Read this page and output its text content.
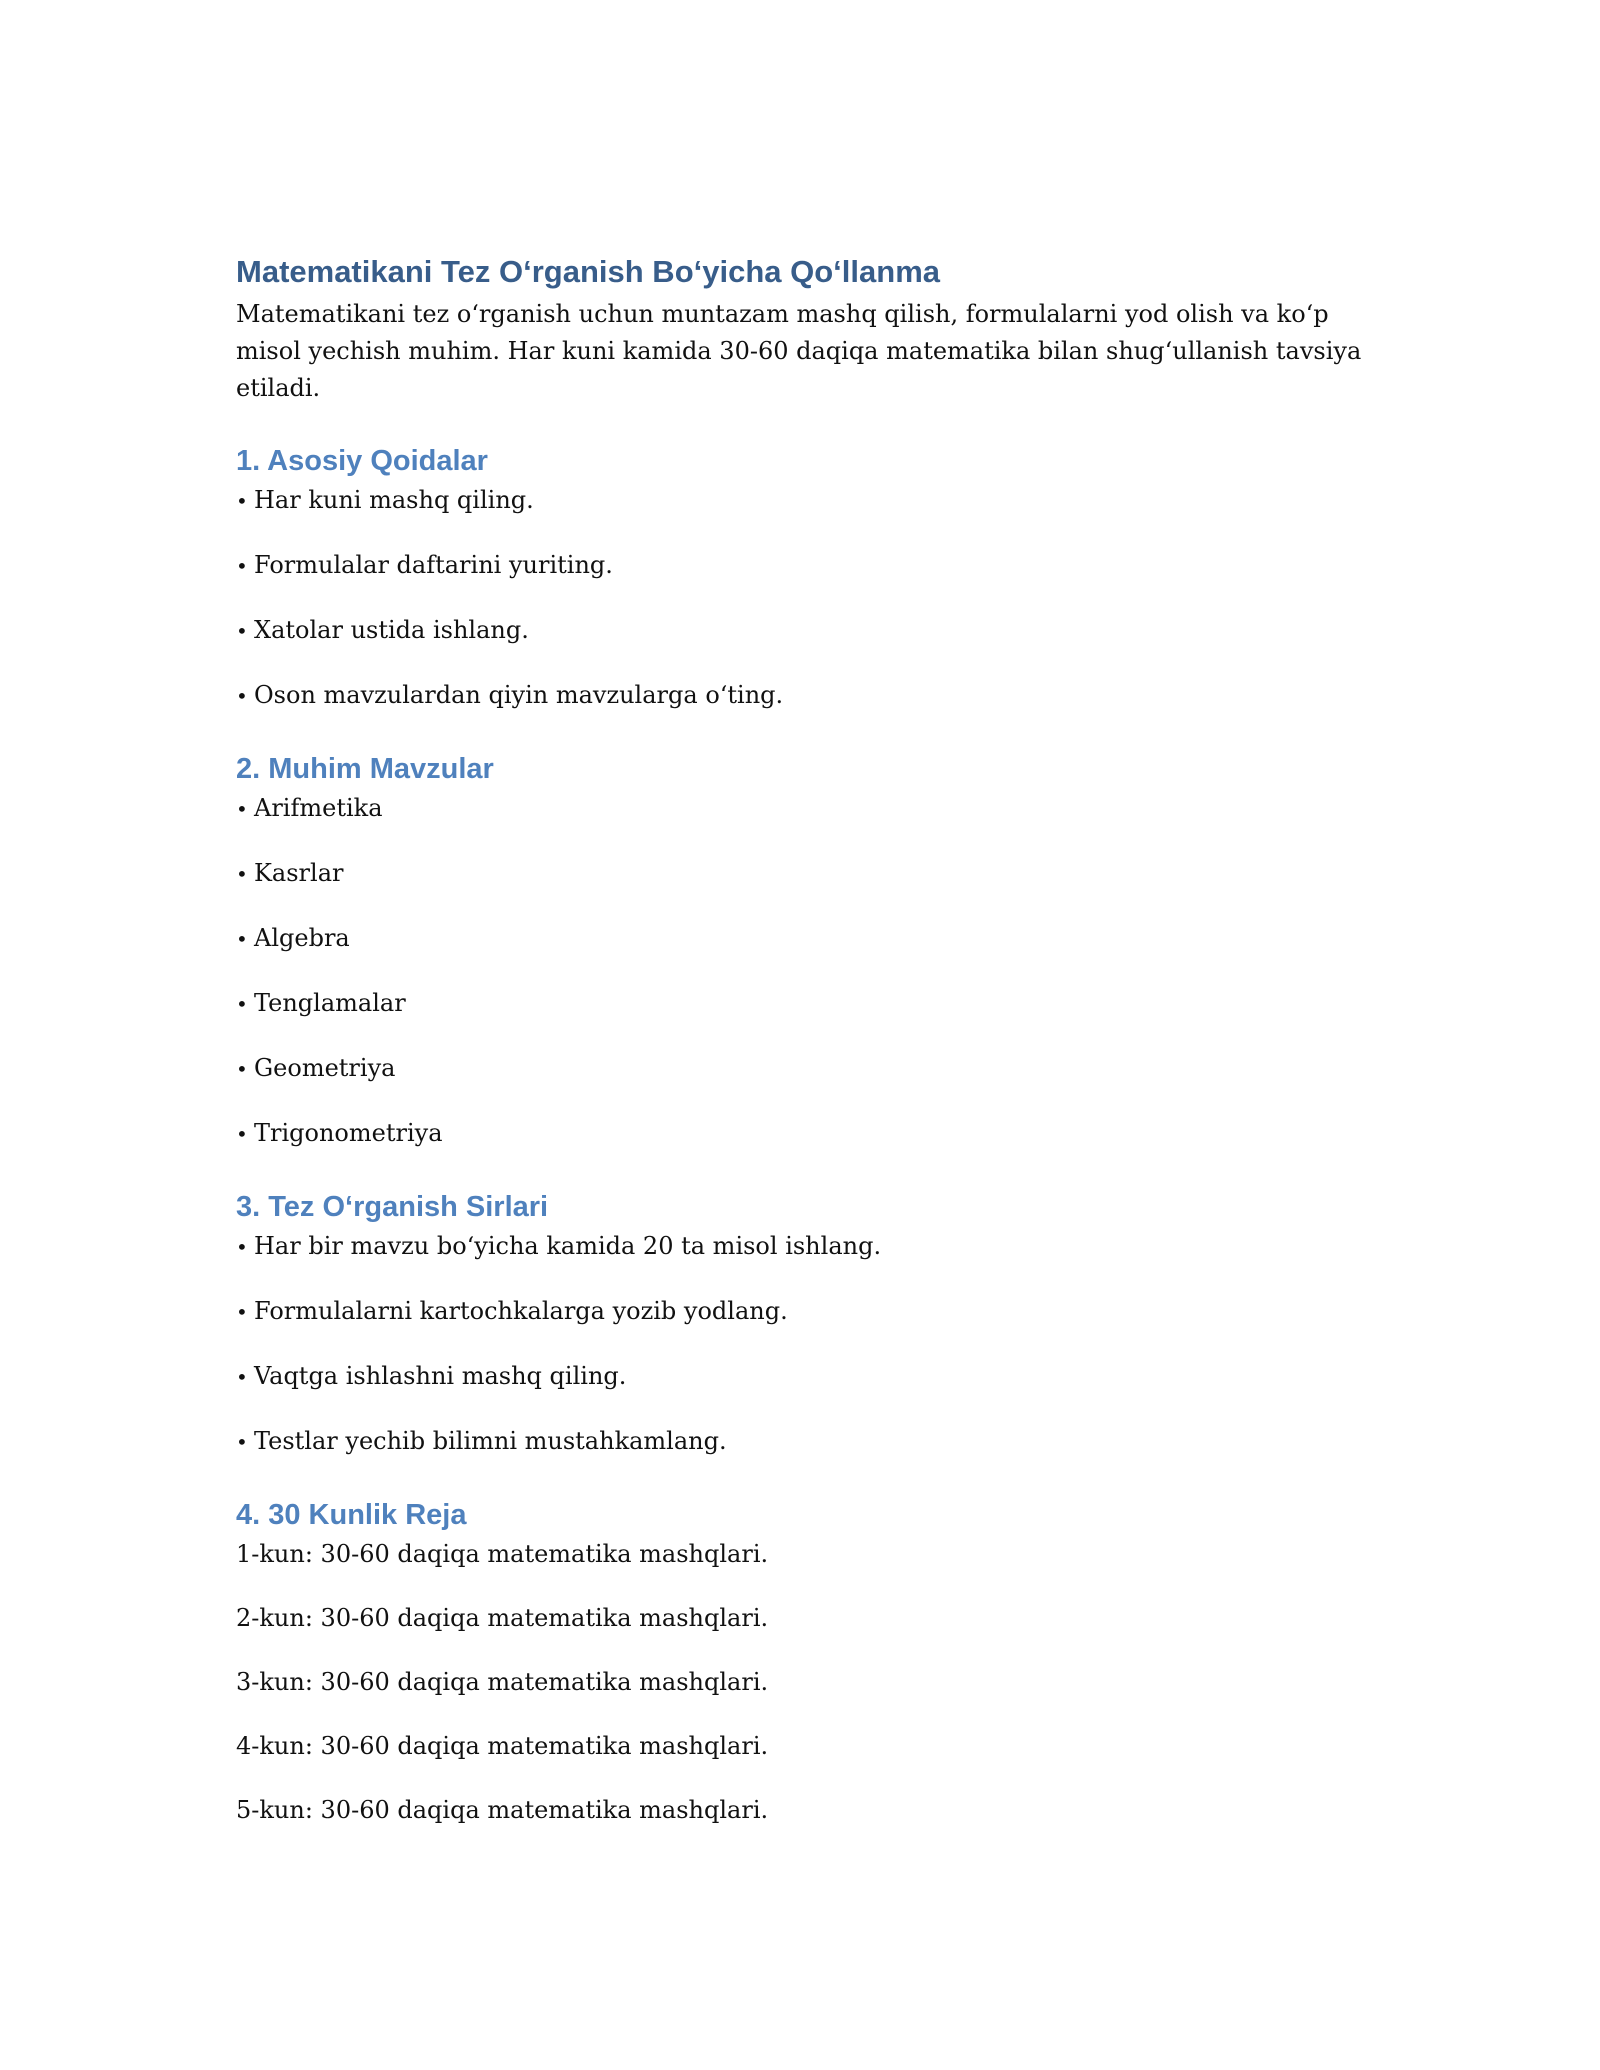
Matematikani Tez O‘rganish Bo‘yicha Qo‘llanma

Matematikani tez o‘rganish uchun muntazam mashq qilish, formulalarni yod olish va ko‘p misol yechish muhim. Har kuni kamida 30-60 daqiqa matematika bilan shug‘ullanish tavsiya etiladi.

1. Asosiy Qoidalar
• Har kuni mashq qiling.
• Formulalar daftarini yuriting.
• Xatolar ustida ishlang.
• Oson mavzulardan qiyin mavzularga o‘ting.
2. Muhim Mavzular
• Arifmetika
• Kasrlar
• Algebra
• Tenglamalar
• Geometriya
• Trigonometriya
3. Tez O‘rganish Sirlari
• Har bir mavzu bo‘yicha kamida 20 ta misol ishlang.
• Formulalarni kartochkalarga yozib yodlang.
• Vaqtga ishlashni mashq qiling.
• Testlar yechib bilimni mustahkamlang.
4. 30 Kunlik Reja

1-kun: 30-60 daqiqa matematika mashqlari.

2-kun: 30-60 daqiqa matematika mashqlari.

3-kun: 30-60 daqiqa matematika mashqlari.

4-kun: 30-60 daqiqa matematika mashqlari.

5-kun: 30-60 daqiqa matematika mashqlari.
